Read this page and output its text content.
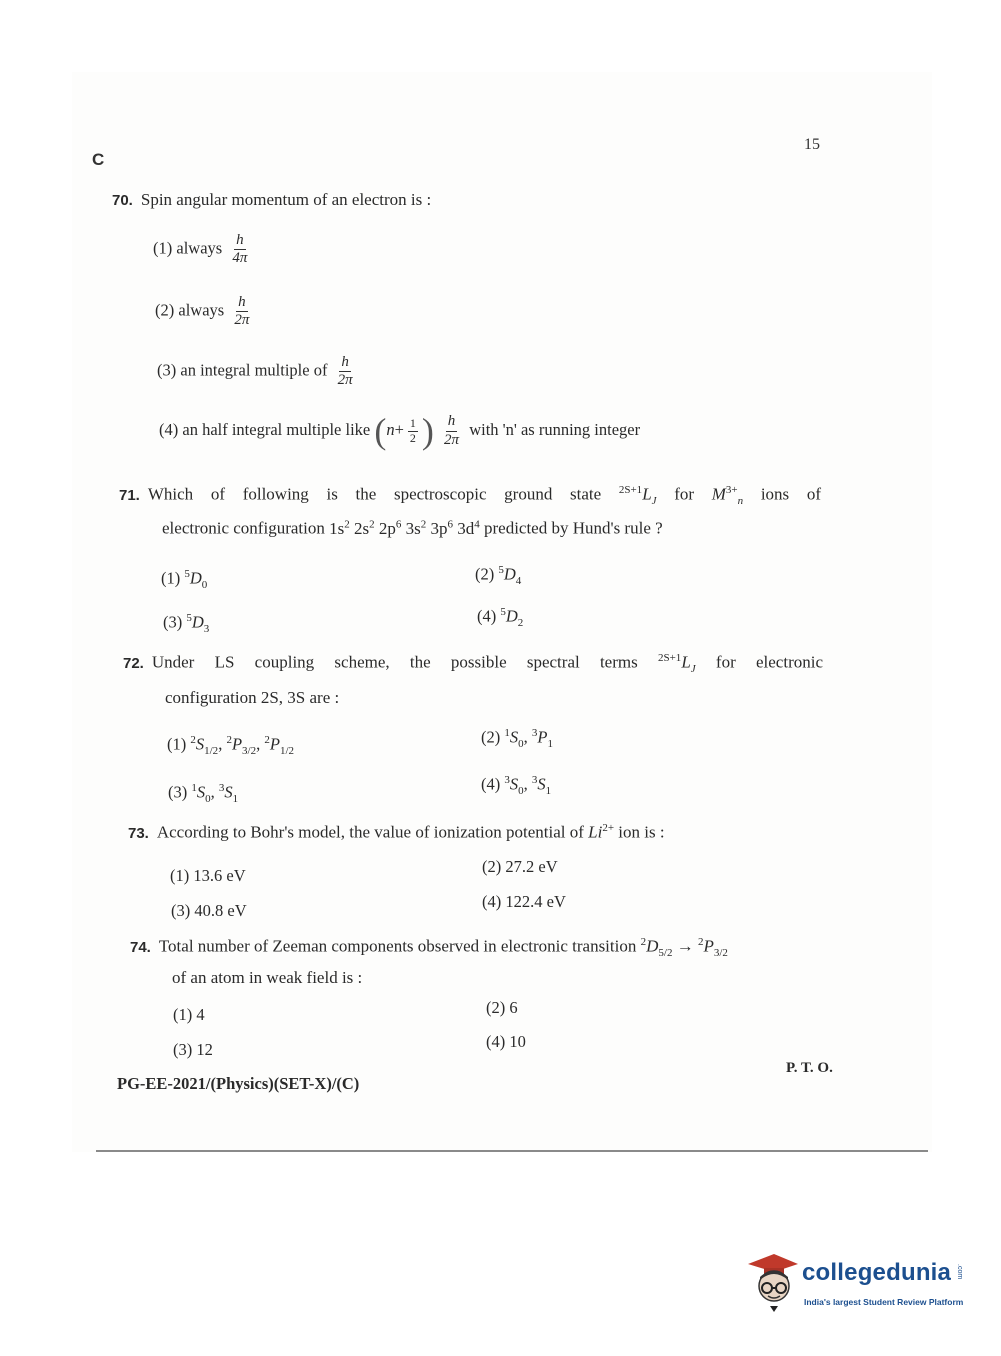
C
15
70. Spin angular momentum of an electron is :
(1) always $\frac{h}{4\pi}$
(2) always $\frac{h}{2\pi}$
(3) an integral multiple of $\frac{h}{2\pi}$
(4) an half integral multiple like ($n+ \frac{1}{2}$ ) $\frac{h}{2\pi}$ with 'n' as running integer
71. Which of following is the spectroscopic ground state $^{2S+1}L_J$ for $M^{3+}_n$ ions of
electronic configuration $1s^2$ $2s^2$ $2p^6$ $3s^2$ $3p^6$ $3d^4$ predicted by Hund's rule ?
(1) $^5D_0$
(2) $^5D_4$
(3) $^5D_3$
(4) $^5D_2$
72. Under LS coupling scheme, the possible spectral terms $^{2S+1}L_J$ for electronic
configuration 2S, 3S are :
(1) $^2S_{1/2}$, $^2P_{3/2}$, $^2P_{1/2}$
(2) $^1S_0$, $^3P_1$
(3) $^1S_0$, $^3S_1$
(4) $^3S_0$, $^3S_1$
73. According to Bohr's model, the value of ionization potential of $Li^{2+}$ ion is :
(1) 13.6 eV	(2) 27.2 eV
(3) 40.8 eV	(4) 122.4 eV
74. Total number of Zeeman components observed in electronic transition $^2D_{5/2} \to ^2P_{3/2}$
of an atom in weak field is :
(1) 4	(2) 6
(3) 12	(4) 10
PG-EE-2021/(Physics)(SET-X)/(C)
P. T. O.
collegedunia .com
India's largest Student Review Platform
